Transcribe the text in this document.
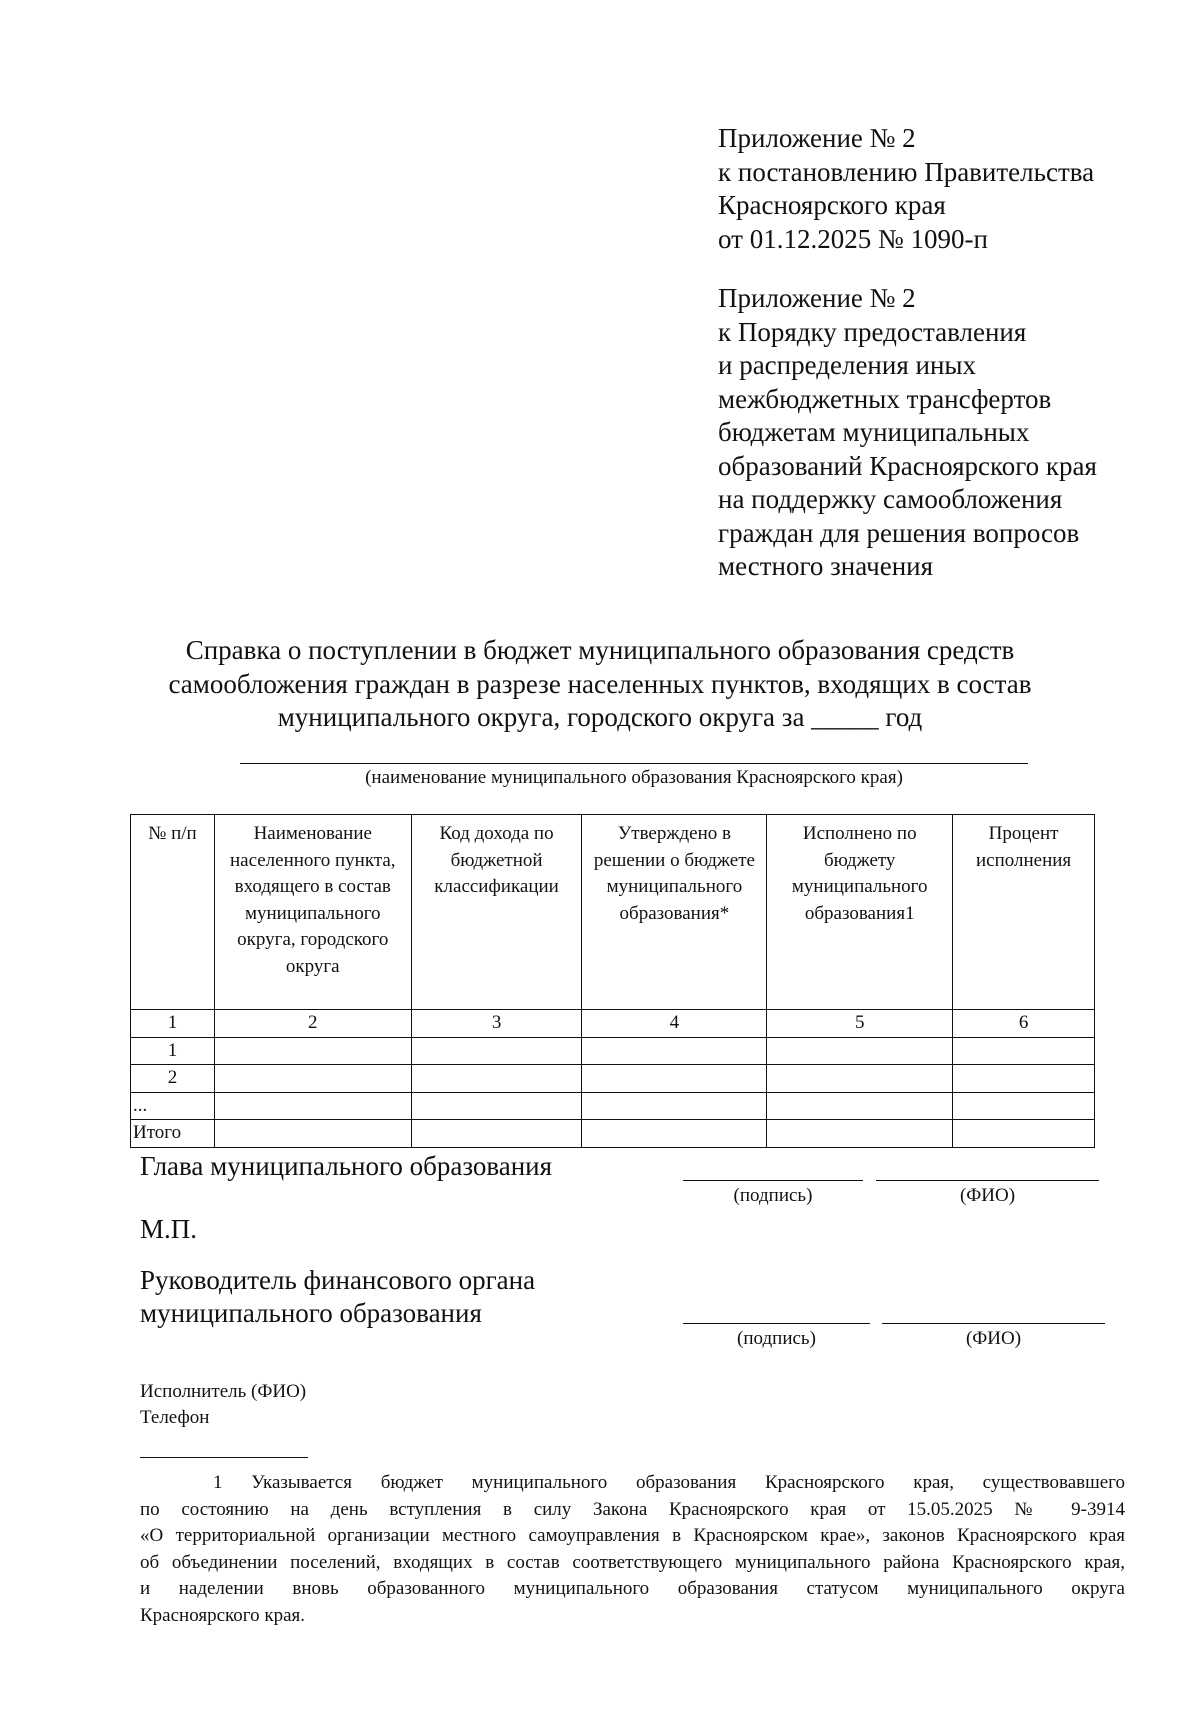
Приложение № 2
к постановлению Правительства
Красноярского края
от 01.12.2025 № 1090-п
Приложение № 2
к Порядку предоставления
и распределения иных
межбюджетных трансфертов
бюджетам муниципальных
образований Красноярского края
на поддержку самообложения
граждан для решения вопросов
местного значения
Справка о поступлении в бюджет муниципального образования средств
самообложения граждан в разрезе населенных пунктов, входящих в состав
муниципального округа, городского округа за _____ год
(наименование муниципального образования Красноярского края)
№ п/п	Наименование населенного пункта, входящего в состав муниципального округа, городского округа	Код дохода по бюджетной классификации	Утверждено в решении о бюджете муниципального образования*	Исполнено по бюджету муниципального образования1	Процент исполнения
1	2	3	4	5	6
1					
2					
...					
Итого					
Глава муниципального образования
(подпись)	(ФИО)
М.П.
Руководитель финансового органа
муниципального образования
(подпись)	(ФИО)
Исполнитель (ФИО)
Телефон
1 Указывается бюджет муниципального образования Красноярского края, существовавшего
по состоянию на день вступления в силу Закона Красноярского края от 15.05.2025 № 9-3914
«О территориальной организации местного самоуправления в Красноярском крае», законов Красноярского края
об объединении поселений, входящих в состав соответствующего муниципального района Красноярского края,
и наделении вновь образованного муниципального образования статусом муниципального округа
Красноярского края.
